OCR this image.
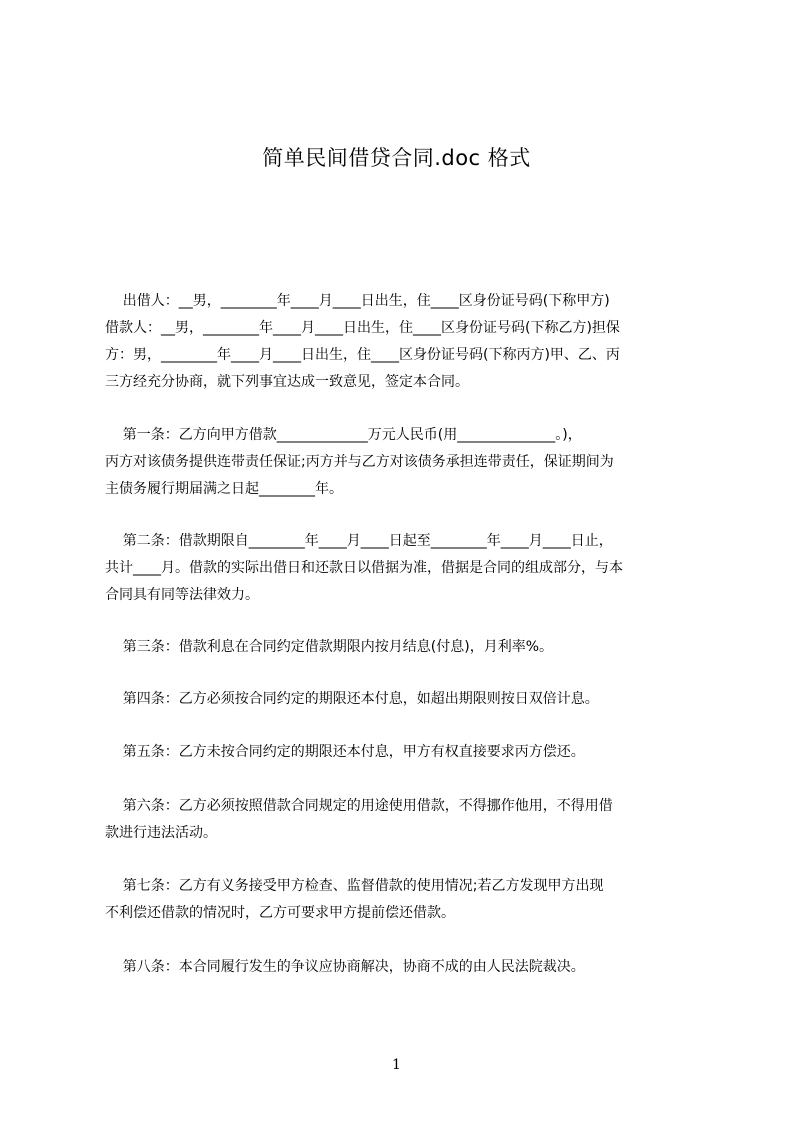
简单民间借贷合同.doc 格式
出借人：__男，________年____月____日出生，住____区身份证号码(下称甲方)
借款人：__男，________年____月____日出生，住____区身份证号码(下称乙方)担保
方：男，________年____月____日出生，住____区身份证号码(下称丙方)甲、乙、丙
三方经充分协商，就下列事宜达成一致意见，签定本合同。
第一条：乙方向甲方借款_____________万元人民币(用______________。)，
丙方对该债务提供连带责任保证;丙方并与乙方对该债务承担连带责任，保证期间为
主债务履行期届满之日起________年。
第二条：借款期限自________年____月____日起至________年____月____日止，
共计____月。借款的实际出借日和还款日以借据为准，借据是合同的组成部分，与本
合同具有同等法律效力。
第三条：借款利息在合同约定借款期限内按月结息(付息)，月利率%。
第四条：乙方必须按合同约定的期限还本付息，如超出期限则按日双倍计息。
第五条：乙方未按合同约定的期限还本付息，甲方有权直接要求丙方偿还。
第六条：乙方必须按照借款合同规定的用途使用借款，不得挪作他用，不得用借
款进行违法活动。
第七条：乙方有义务接受甲方检查、监督借款的使用情况;若乙方发现甲方出现
不利偿还借款的情况时，乙方可要求甲方提前偿还借款。
第八条：本合同履行发生的争议应协商解决，协商不成的由人民法院裁决。
1
